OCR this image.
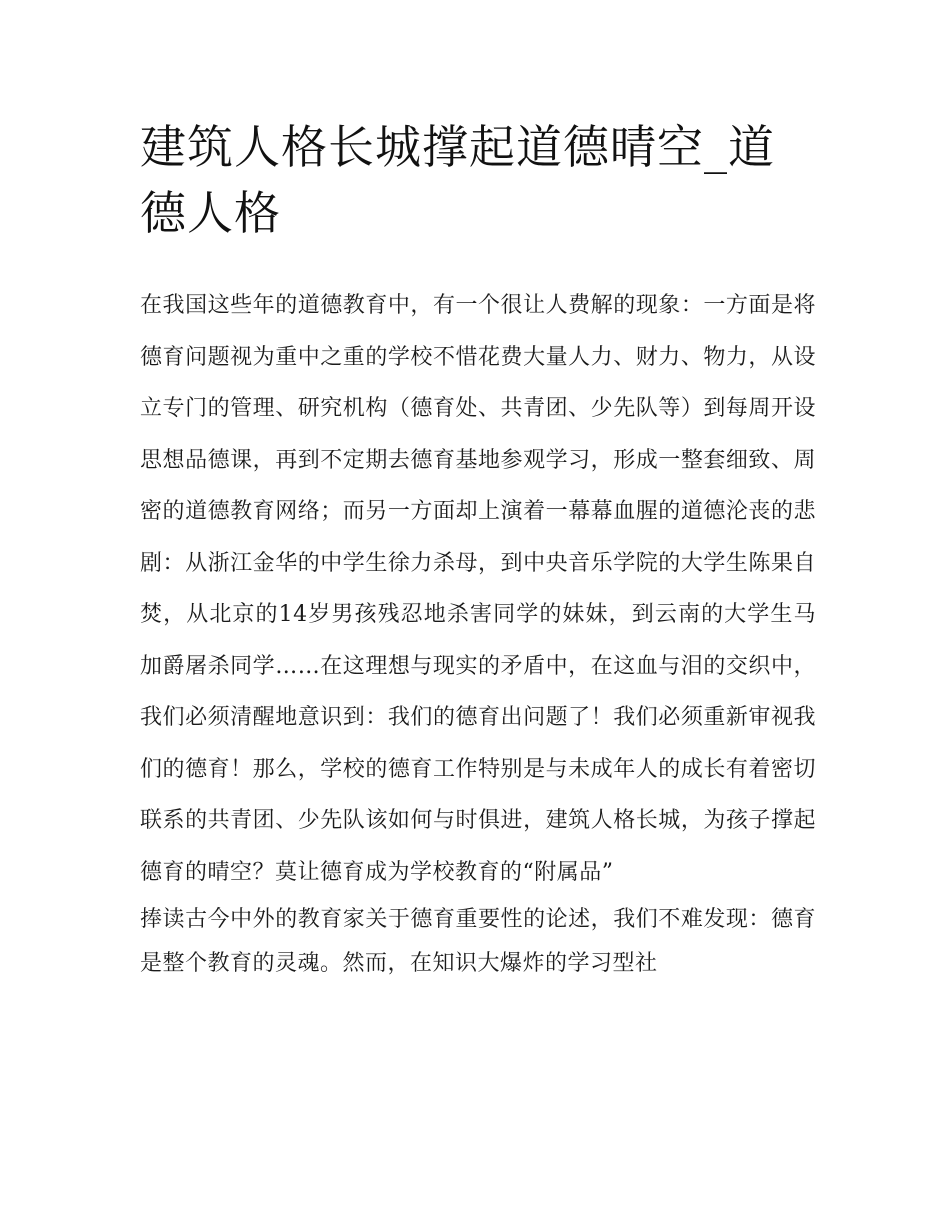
建筑人格长城撑起道德晴空_道德人格

在我国这些年的道德教育中，有一个很让人费解的现象：一方面是将德育问题视为重中之重的学校不惜花费大量人力、财力、物力，从设立专门的管理、研究机构（德育处、共青团、少先队等）到每周开设思想品德课，再到不定期去德育基地参观学习，形成一整套细致、周密的道德教育网络；而另一方面却上演着一幕幕血腥的道德沦丧的悲剧：从浙江金华的中学生徐力杀母，到中央音乐学院的大学生陈果自焚，从北京的14岁男孩残忍地杀害同学的妹妹，到云南的大学生马加爵屠杀同学……在这理想与现实的矛盾中，在这血与泪的交织中，我们必须清醒地意识到：我们的德育出问题了！我们必须重新审视我们的德育！那么，学校的德育工作特别是与未成年人的成长有着密切联系的共青团、少先队该如何与时俱进，建筑人格长城，为孩子撑起德育的晴空？莫让德育成为学校教育的“附属品”

捧读古今中外的教育家关于德育重要性的论述，我们不难发现：德育是整个教育的灵魂。然而，在知识大爆炸的学习型社
